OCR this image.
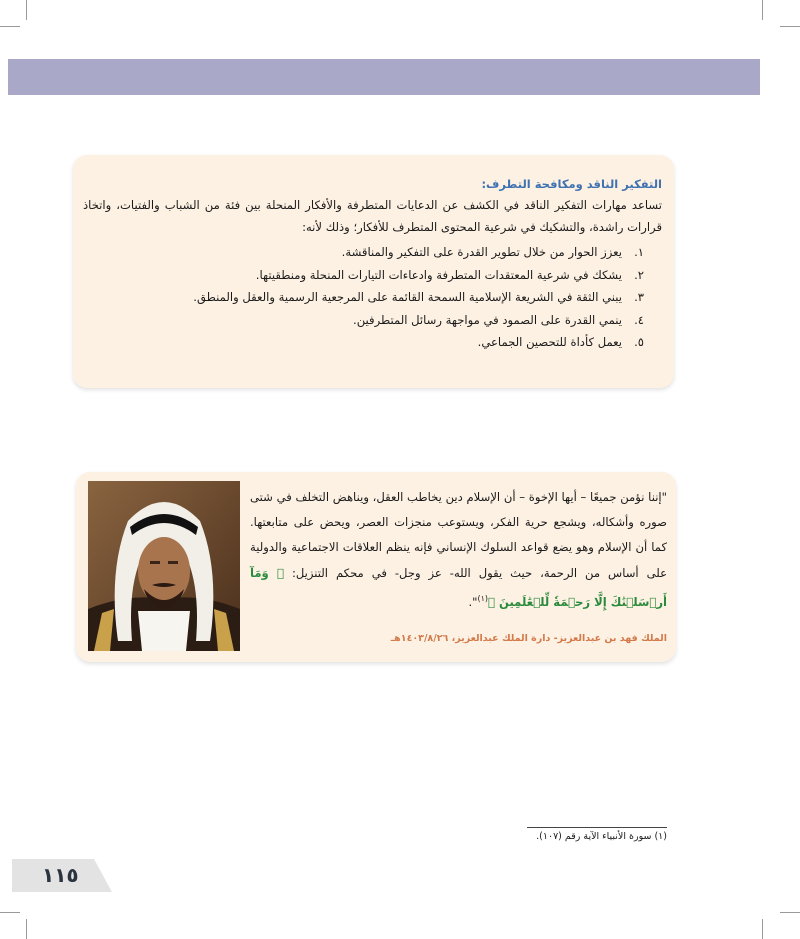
التفكير الناقد ومكافحة التطرف:

تساعد مهارات التفكير الناقد في الكشف عن الدعايات المتطرفة والأفكار المنحلة بين فئة من الشباب والفتيات، واتخاذ قرارات راشدة، والتشكيك في شرعية المحتوى المتطرف للأفكار؛ وذلك لأنه:

١.يعزز الحوار من خلال تطوير القدرة على التفكير والمناقشة.
٢.يشكك في شرعية المعتقدات المتطرفة وادعاءات التيارات المنحلة ومنطقيتها.
٣.يبني الثقة في الشريعة الإسلامية السمحة القائمة على المرجعية الرسمية والعقل والمنطق.
٤.ينمي القدرة على الصمود في مواجهة رسائل المتطرفين.
٥.يعمل كأداة للتحصين الجماعي.

"إننا نؤمن جميعًا – أيها الإخوة – أن الإسلام دين يخاطب العقل، ويناهض التخلف في شتى صوره وأشكاله، ويشجع حرية الفكر، ويستوعب منجزات العصر، ويحض على متابعتها. كما أن الإسلام وهو يضع قواعد السلوك الإنساني فإنه ينظم العلاقات الاجتماعية والدولية على أساس من الرحمة، حيث يقول الله- عز وجل- في محكم التنزيل: ﴿ وَمَآ أَرۡسَلۡنَٰكَ إِلَّا رَحۡمَةٗ لِّلۡعَٰلَمِينَ ﴾$^{(١)}$".

الملك فهد بن عبدالعزيز- دارة الملك عبدالعزيز، ١٤٠٣/٨/٢٦هـ
(١) سورة الأنبياء الآية رقم (١٠٧).
١١٥
